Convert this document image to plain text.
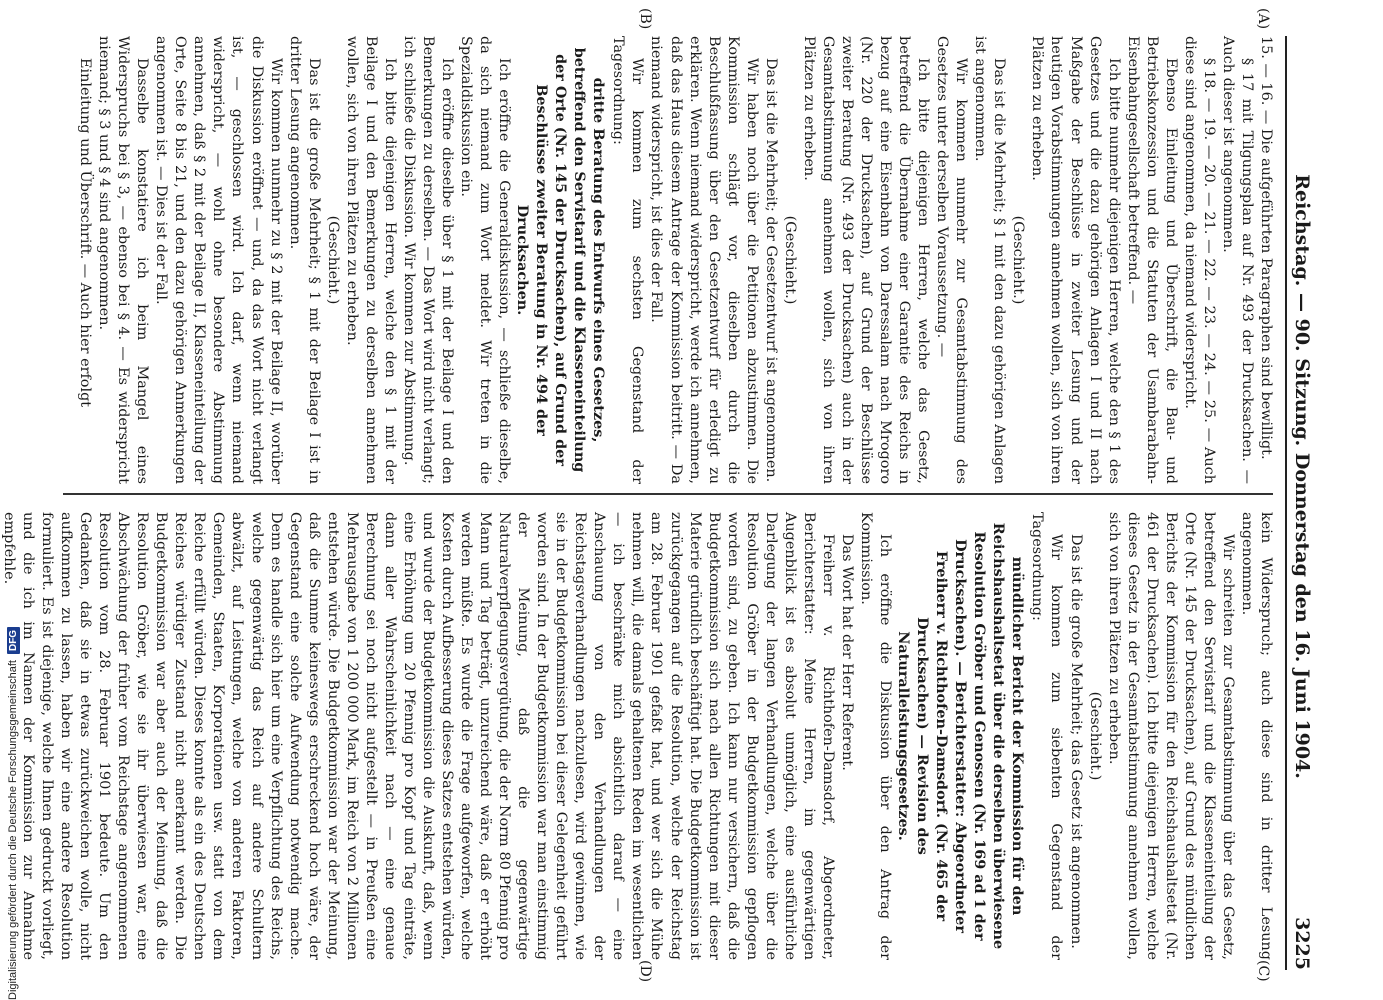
Reichstag. — 90. Sitzung. Donnerstag den 16. Juni 1904.
3225
(A)
(B)
(C)
(D)

15. — 16. — Die aufgeführten Paragraphen sind bewilligt.

§ 17 mit Tilgungsplan auf Nr. 493 der Drucksachen. — Auch dieser ist angenommen.

§ 18. — 19. — 20. — 21. — 22. — 23. — 24. — 25. — Auch diese sind angenommen, da niemand widerspricht.

Ebenso Einleitung und Überschrift, die Bau- und Betriebskonzession und die Statuten der Usambarabahn-Eisenbahngesellschaft betreffend. —

Ich bitte nunmehr diejenigen Herren, welche den § 1 des Gesetzes und die dazu gehörigen Anlagen I und II nach Maßgabe der Beschlüsse in zweiter Lesung und der heutigen Vorabstimmungen annehmen wollen, sich von ihren Plätzen zu erheben.

(Geschieht.)

Das ist die Mehrheit; § 1 mit den dazu gehörigen Anlagen ist angenommen.

Wir kommen nunmehr zur Gesamtabstimmung des Gesetzes unter derselben Voraussetzung. —

Ich bitte diejenigen Herren, welche das Gesetz, betreffend die Übernahme einer Garantie des Reichs in bezug auf eine Eisenbahn von Daressalam nach Mrogoro (Nr. 220 der Drucksachen), auf Grund der Beschlüsse zweiter Beratung (Nr. 493 der Drucksachen) auch in der Gesamtabstimmung annehmen wollen, sich von ihren Plätzen zu erheben.

(Geschieht.)

Das ist die Mehrheit; der Gesetzentwurf ist angenommen.

Wir haben noch über die Petitionen abzustimmen. Die Kommission schlägt vor, dieselben durch die Beschlußfassung über den Gesetzentwurf für erledigt zu erklären. Wenn niemand widerspricht, werde ich annehmen, daß das Haus diesem Antrage der Kommission beitritt. — Da niemand widerspricht, ist dies der Fall.

Wir kommen zum sechsten Gegenstand der Tagesordnung:

dritte Beratung des Entwurfs eines Gesetzes, betreffend den Servistarif und die Klasseneinteilung der Orte (Nr. 145 der Drucksachen), auf Grund der Beschlüsse zweiter Beratung in Nr. 494 der Drucksachen.

Ich eröffne die Generaldiskussion, — schließe dieselbe, da sich niemand zum Wort meldet. Wir treten in die Spezialdiskussion ein.

Ich eröffne dieselbe über § 1 mit der Beilage I und den Bemerkungen zu derselben. — Das Wort wird nicht verlangt; ich schließe die Diskussion. Wir kommen zur Abstimmung.

Ich bitte diejenigen Herren, welche den § 1 mit der Beilage I und den Bemerkungen zu derselben annehmen wollen, sich von ihren Plätzen zu erheben.

(Geschieht.)

Das ist die große Mehrheit; § 1 mit der Beilage I ist in dritter Lesung angenommen.

Wir kommen nunmehr zu § 2 mit der Beilage II, worüber die Diskussion eröffnet — und, da das Wort nicht verlangt ist, — geschlossen wird. Ich darf, wenn niemand widerspricht, — wohl ohne besondere Abstimmung annehmen, daß § 2 mit der Beilage II, Klasseneinteilung der Orte, Seite 8 bis 21, und den dazu gehörigen Anmerkungen angenommen ist. — Dies ist der Fall.

Dasselbe konstatiere ich beim Mangel eines Widerspruchs bei § 3, — ebenso bei § 4. — Es widerspricht niemand; § 3 und § 4 sind angenommen.

Einleitung und Überschrift. — Auch hier erfolgt

kein Widerspruch; auch diese sind in dritter Lesung angenommen.

Wir schreiten zur Gesamtabstimmung über das Gesetz, betreffend den Servistarif und die Klasseneinteilung der Orte (Nr. 145 der Drucksachen), auf Grund des mündlichen Berichts der Kommission für den Reichshaushaltsetat (Nr. 461 der Drucksachen). Ich bitte diejenigen Herren, welche dieses Gesetz in der Gesamtabstimmung annehmen wollen, sich von ihren Plätzen zu erheben.

(Geschieht.)

Das ist die große Mehrheit; das Gesetz ist angenommen.

Wir kommen zum siebenten Gegenstand der Tagesordnung:

mündlicher Bericht der Kommission für den Reichshaushaltsetat über die derselben überwiesene Resolution Gröber und Genossen (Nr. 169 ad 1 der Drucksachen). — Berichterstatter: Abgeordneter Freiherr v. Richthofen-Damsdorf. (Nr. 465 der Drucksachen) — Revision des Naturalleistungsgesetzes.

Ich eröffne die Diskussion über den Antrag der Kommission.

Das Wort hat der Herr Referent.

Freiherr v. Richthofen-Damsdorf, Abgeordneter, Berichterstatter: Meine Herren, im gegenwärtigen Augenblick ist es absolut unmöglich, eine ausführliche Darlegung der langen Verhandlungen, welche über die Resolution Gröber in der Budgetkommission gepflogen worden sind, zu geben. Ich kann nur versichern, daß die Budgetkommission sich nach allen Richtungen mit dieser Materie gründlich beschäftigt hat. Die Budgetkommission ist zurückgegangen auf die Resolution, welche der Reichstag am 28. Februar 1901 gefaßt hat, und wer sich die Mühe nehmen will, die damals gehaltenen Reden im wesentlichen — ich beschränke mich absichtlich darauf — eine Anschauung von den Verhandlungen der Reichstagsverhandlungen nachzulesen, wird gewinnen, wie sie in der Budgetkommission bei dieser Gelegenheit geführt worden sind. In der Budgetkommission war man einstimmig der Meinung, daß die gegenwärtige Naturalverpflegungsvergütung, die der Norm 80 Pfennig pro Mann und Tag beträgt, unzureichend wäre, daß er erhöht werden müßte. Es wurde die Frage aufgeworfen, welche Kosten durch Aufbesserung dieses Satzes entstehen würden, und wurde der Budgetkommission die Auskunft, daß, wenn eine Erhöhung um 20 Pfennig pro Kopf und Tag einträte, dann aller Wahrscheinlichkeit nach — eine genaue Berechnung sei noch nicht aufgestellt — in Preußen eine Mehrausgabe von 1 200 000 Mark, im Reich von 2 Millionen entstehen würde. Die Budgetkommission war der Meinung, daß die Summe keineswegs erschreckend hoch wäre, der Gegenstand eine solche Aufwendung notwendig mache. Denn es handle sich hier um eine Verpflichtung des Reichs, welche gegenwärtig das Reich auf andere Schultern abwälzt, auf Leistungen, welche von anderen Faktoren, Gemeinden, Staaten, Korporationen usw. statt von dem Reiche erfüllt würden. Dieses konnte als ein des Deutschen Reiches würdiger Zustand nicht anerkannt werden. Die Budgetkommission war aber auch der Meinung, daß die Resolution Gröber, wie sie ihr überwiesen war, eine Abschwächung der früher vom Reichstage angenommenen Resolution vom 28. Februar 1901 bedeute. Um den Gedanken, daß sie in etwas zurückweichen wolle, nicht aufkommen zu lassen, haben wir eine andere Resolution formuliert. Es ist diejenige, welche Ihnen gedruckt vorliegt, und die ich im Namen der Kommission zur Annahme empfehle.

Digitalisierung gefördert durch die Deutsche Forschungsgemeinschaft
DFG
